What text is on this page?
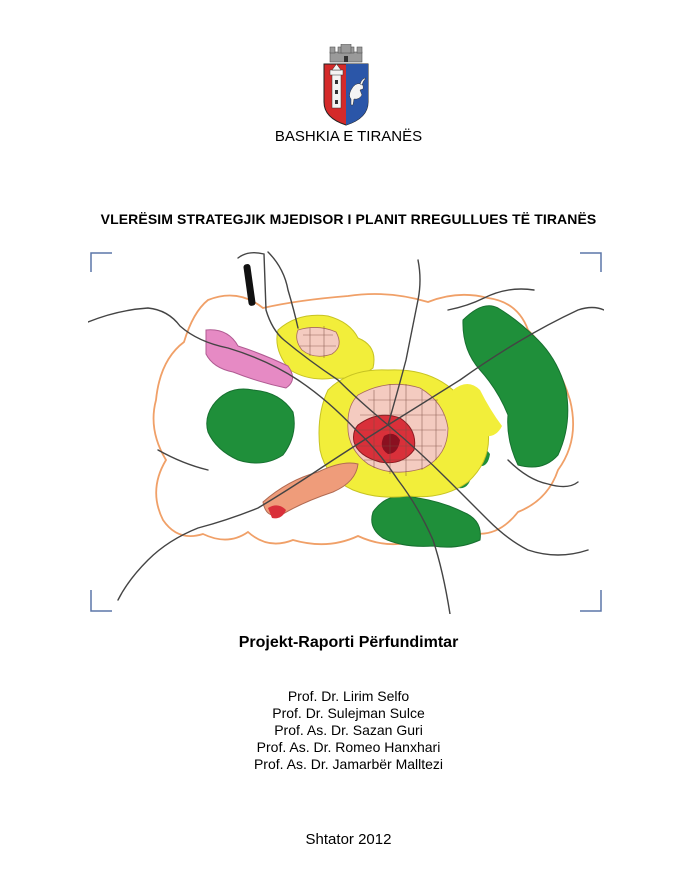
BASHKIA E TIRANËS
VLERËSIM STRATEGJIK MJEDISOR I PLANIT RREGULLUES TË TIRANËS
Projekt-Raporti Përfundimtar
Prof. Dr. Lirim Selfo
Prof. Dr. Sulejman Sulce
Prof. As. Dr. Sazan Guri
Prof. As. Dr. Romeo Hanxhari
Prof. As. Dr. Jamarbër Malltezi
Shtator 2012
